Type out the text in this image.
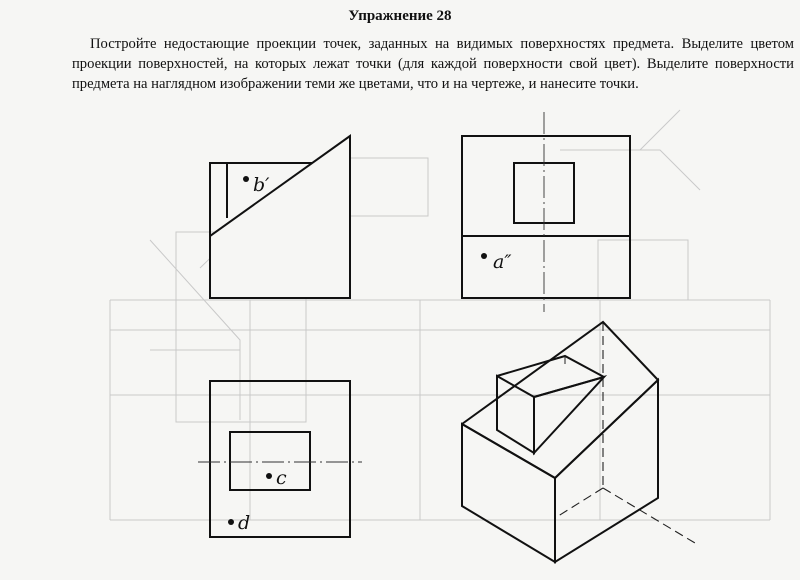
Упражнение 28
Постройте недостающие проекции точек, заданных на видимых поверхностях предмета. Выделите цветом проекции поверхностей, на которых лежат точки (для каждой поверхности свой цвет). Выделите поверхности предмета на наглядном изображении теми же цветами, что и на чертеже, и нанесите точки.
b′
a″
c
d
